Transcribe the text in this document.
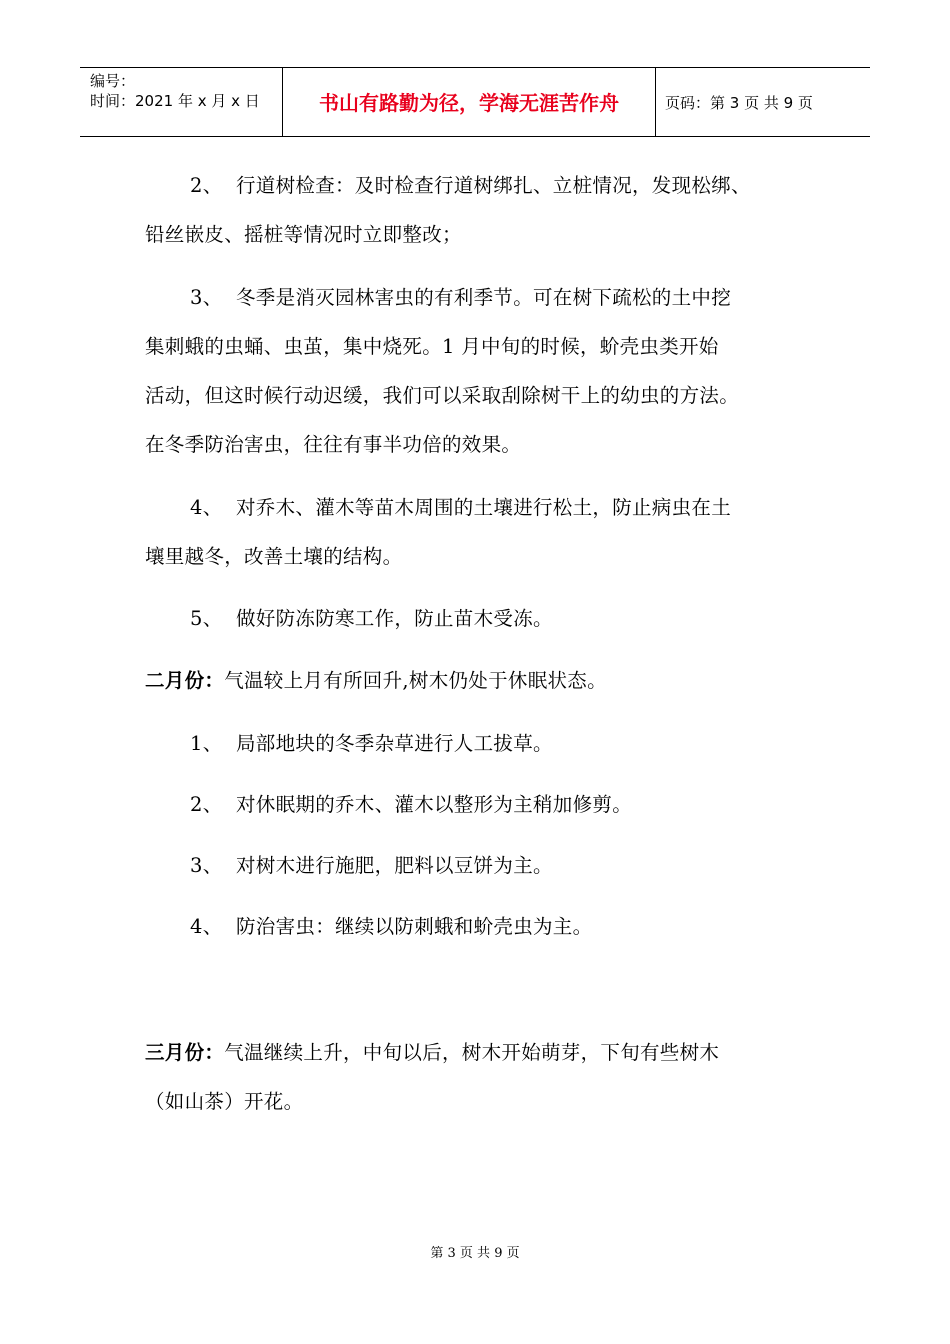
编号：
时间：2021 年 x 月 x 日	书山有路勤为径，学海无涯苦作舟	页码：第 3 页 共 9 页
2、 行道树检查：及时检查行道树绑扎、立桩情况，发现松绑、
铅丝嵌皮、摇桩等情况时立即整改；
3、 冬季是消灭园林害虫的有利季节。可在树下疏松的土中挖
集刺蛾的虫蛹、虫茧，集中烧死。1 月中旬的时候，蚧壳虫类开始
活动，但这时候行动迟缓，我们可以采取刮除树干上的幼虫的方法。
在冬季防治害虫，往往有事半功倍的效果。
4、 对乔木、灌木等苗木周围的土壤进行松土，防止病虫在土
壤里越冬，改善土壤的结构。
5、 做好防冻防寒工作，防止苗木受冻。
二月份：气温较上月有所回升,树木仍处于休眠状态。
1、 局部地块的冬季杂草进行人工拔草。
2、 对休眠期的乔木、灌木以整形为主稍加修剪。
3、 对树木进行施肥，肥料以豆饼为主。
4、 防治害虫：继续以防刺蛾和蚧壳虫为主。
三月份：气温继续上升，中旬以后，树木开始萌芽，下旬有些树木
（如山茶）开花。
第 3 页 共 9 页
